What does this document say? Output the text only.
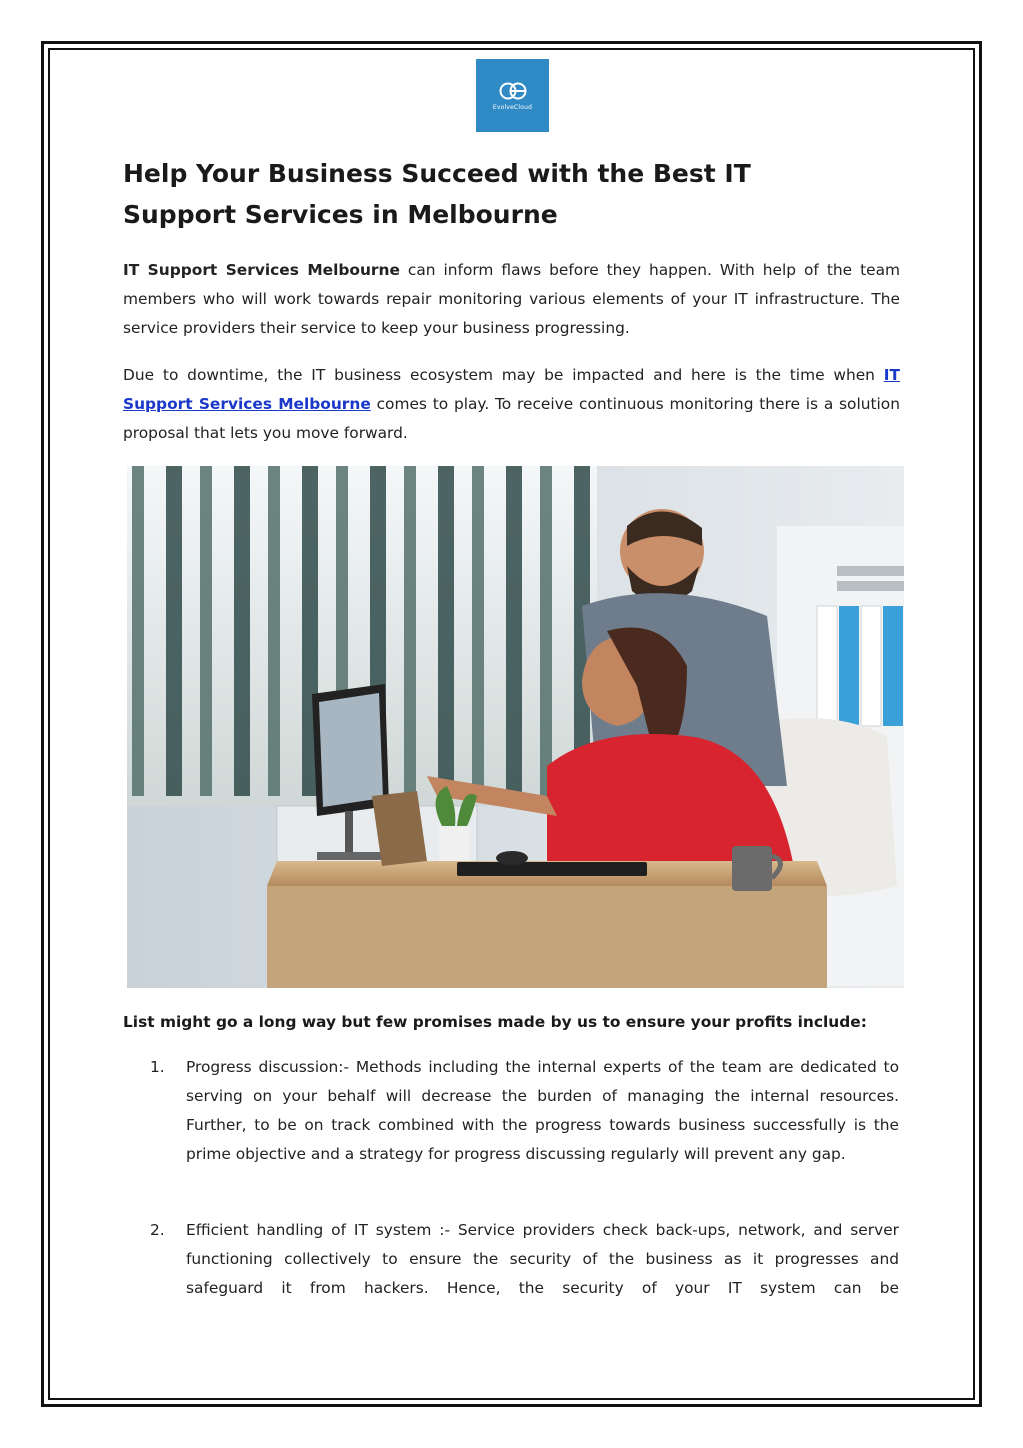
EvolveCloud
Help Your Business Succeed with the Best IT Support Services in Melbourne

IT Support Services Melbourne can inform flaws before they happen. With help of the team members who will work towards repair monitoring various elements of your IT infrastructure. The service providers their service to keep your business progressing.

Due to downtime, the IT business ecosystem may be impacted and here is the time when IT Support Services Melbourne comes to play. To receive continuous monitoring there is a solution proposal that lets you move forward.

List might go a long way but few promises made by us to ensure your profits include:

1.	Progress discussion:- Methods including the internal experts of the team are dedicated to serving on your behalf will decrease the burden of managing the internal resources. Further, to be on track combined with the progress towards business successfully is the prime objective and a strategy for progress discussing regularly will prevent any gap.

2.	Efficient handling of IT system :- Service providers check back-ups, network, and server functioning collectively to ensure the security of the business as it progresses and safeguard it from hackers. Hence, the security of your IT system can be
